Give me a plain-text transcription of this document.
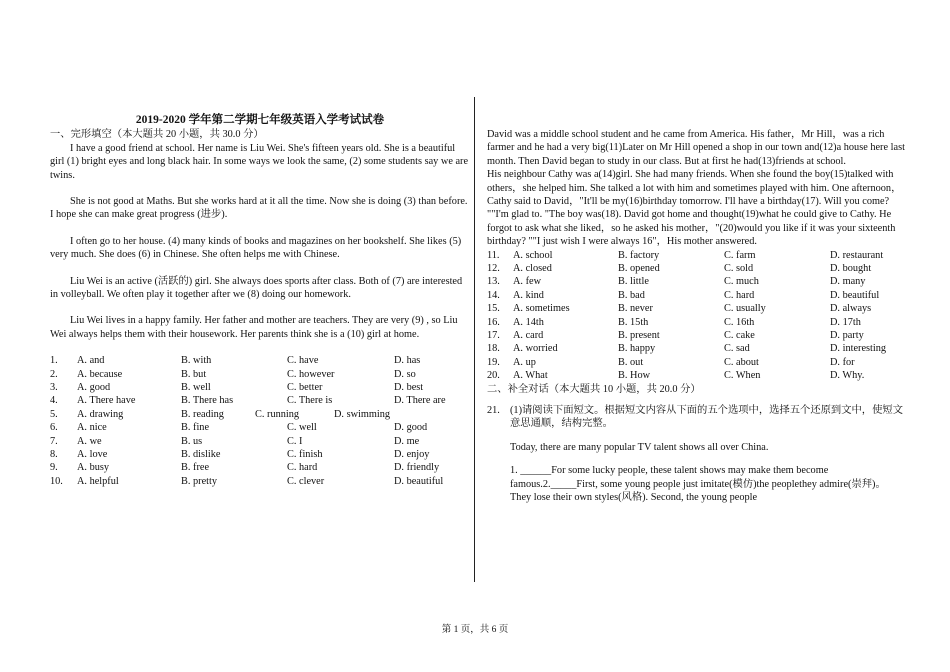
2019-2020 学年第二学期七年级英语入学考试试卷
一、完形填空（本大题共 20 小题，共 30.0 分）

I have a good friend at school. Her name is Liu Wei. She's fifteen years old. She is a beautiful girl (1) bright eyes and long black hair. In some ways we look the same, (2) some students say we are twins.

She is not good at Maths. But she works hard at it all the time. Now she is doing (3) than before. I hope she can make great progress (进步).

I often go to her house. (4) many kinds of books and magazines on her bookshelf. She likes (5) very much. She does (6) in Chinese. She often helps me with Chinese.

Liu Wei is an active (活跃的) girl. She always does sports after class. Both of (7) are interested in volleyball. We often play it together after we (8) doing our homework.

Liu Wei lives in a happy family. Her father and mother are teachers. They are very (9) , so Liu Wei always helps them with their housework. Her parents think she is a (10) girl at home.

1. A. and	B. with	C. have	D. has
2. A. because	B. but	C. however	D. so
3. A. good	B. well	C. better	D. best
4. A. There have	B. There has	C. There is	D. There are
5. A. drawing	B. reading	C. running	D. swimming
6. A. nice	B. fine	C. well	D. good
7. A. we	B. us	C. I	D. me
8. A. love	B. dislike	C. finish	D. enjoy
9. A. busy	B. free	C. hard	D. friendly
10. A. helpful	B. pretty	C. clever	D. beautiful

David was a middle school student and he came from America. His father，Mr Hill，was a rich farmer and he had a very big(11)Later on Mr Hill opened a shop in our town and(12)a house here last month. Then David began to study in our class. But at first he had(13)friends at school.

His neighbour Cathy was a(14)girl. She had many friends. When she found the boy(15)talked with others，she helped him. She talked a lot with him and sometimes played with him. One afternoon，Cathy said to David，"It'll be my(16)birthday tomorrow. I'll have a birthday(17). Will you come? ""I'm glad to. "The boy was(18). David got home and thought(19)what he could give to Cathy. He forgot to ask what she liked，so he asked his mother，"(20)would you like if it was your sixteenth birthday? ""I just wish I were always 16"，His mother answered.

11. A. school	B. factory	C. farm	D. restaurant
12. A. closed	B. opened	C. sold	D. bought
13. A. few	B. little	C. much	D. many
14. A. kind	B. bad	C. hard	D. beautiful
15. A. sometimes	B. never	C. usually	D. always
16. A. 14th	B. 15th	C. 16th	D. 17th
17. A. card	B. present	C. cake	D. party
18. A. worried	B. happy	C. sad	D. interesting
19. A. up	B. out	C. about	D. for
20. A. What	B. How	C. When	D. Why.
二、补全对话（本大题共 10 小题，共 20.0 分）
21. (1)请阅读下面短文。根据短文内容从下面的五个选项中，选择五个还原到文中，使短文意思通顺，结构完整。
Today, there are many popular TV talent shows all over China.
1. ______For some lucky people, these talent shows may make them become famous.2._____First, some young people just imitate(模仿)the peoplethey admire(崇拜)。 They lose their own styles(风格). Second, the young people
第 1 页，共 6 页
